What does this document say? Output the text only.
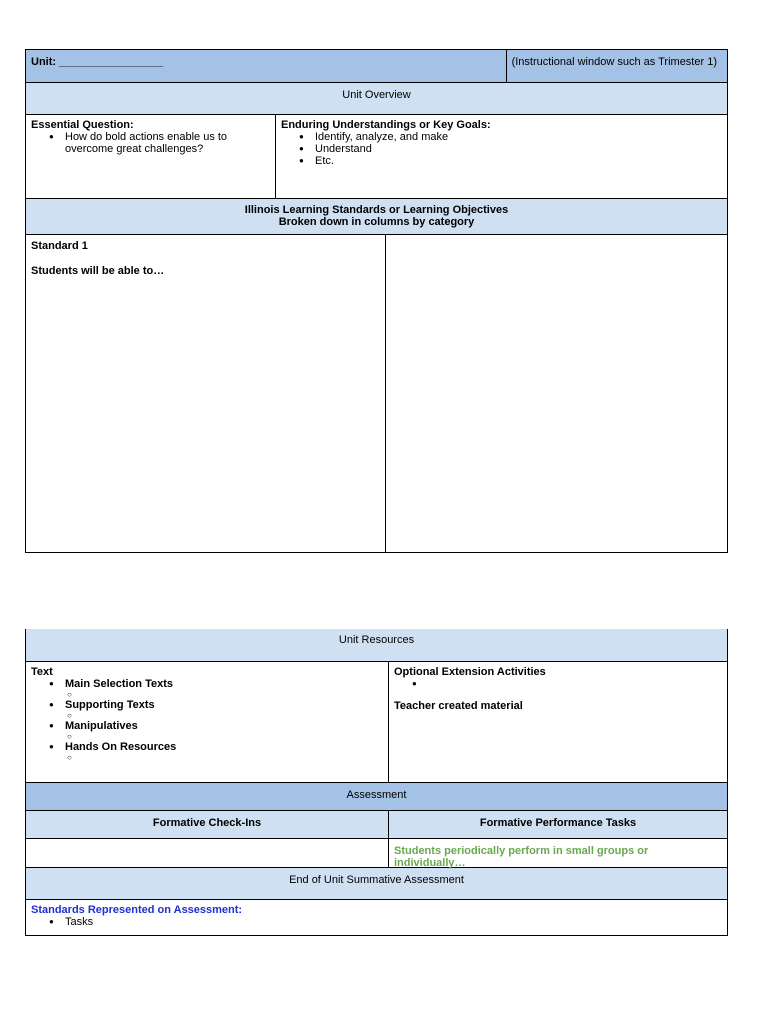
Unit: _________________	(Instructional window such as Trimester 1)
Unit Overview
Essential Question:
● How do bold actions enable us to
overcome great challenges?
Enduring Understandings or Key Goals:
● Identify, analyze, and make
● Understand
● Etc.
Illinois Learning Standards or Learning Objectives
Broken down in columns by category
Standard 1
Students will be able to…
Unit Resources
Text
● Main Selection Texts
○
● Supporting Texts
○
● Manipulatives
○
● Hands On Resources
○
Optional Extension Activities
●
Teacher created material
Assessment
Formative Check-Ins	Formative Performance Tasks
Students periodically perform in small groups or individually…
End of Unit Summative Assessment
Standards Represented on Assessment:
● Tasks
